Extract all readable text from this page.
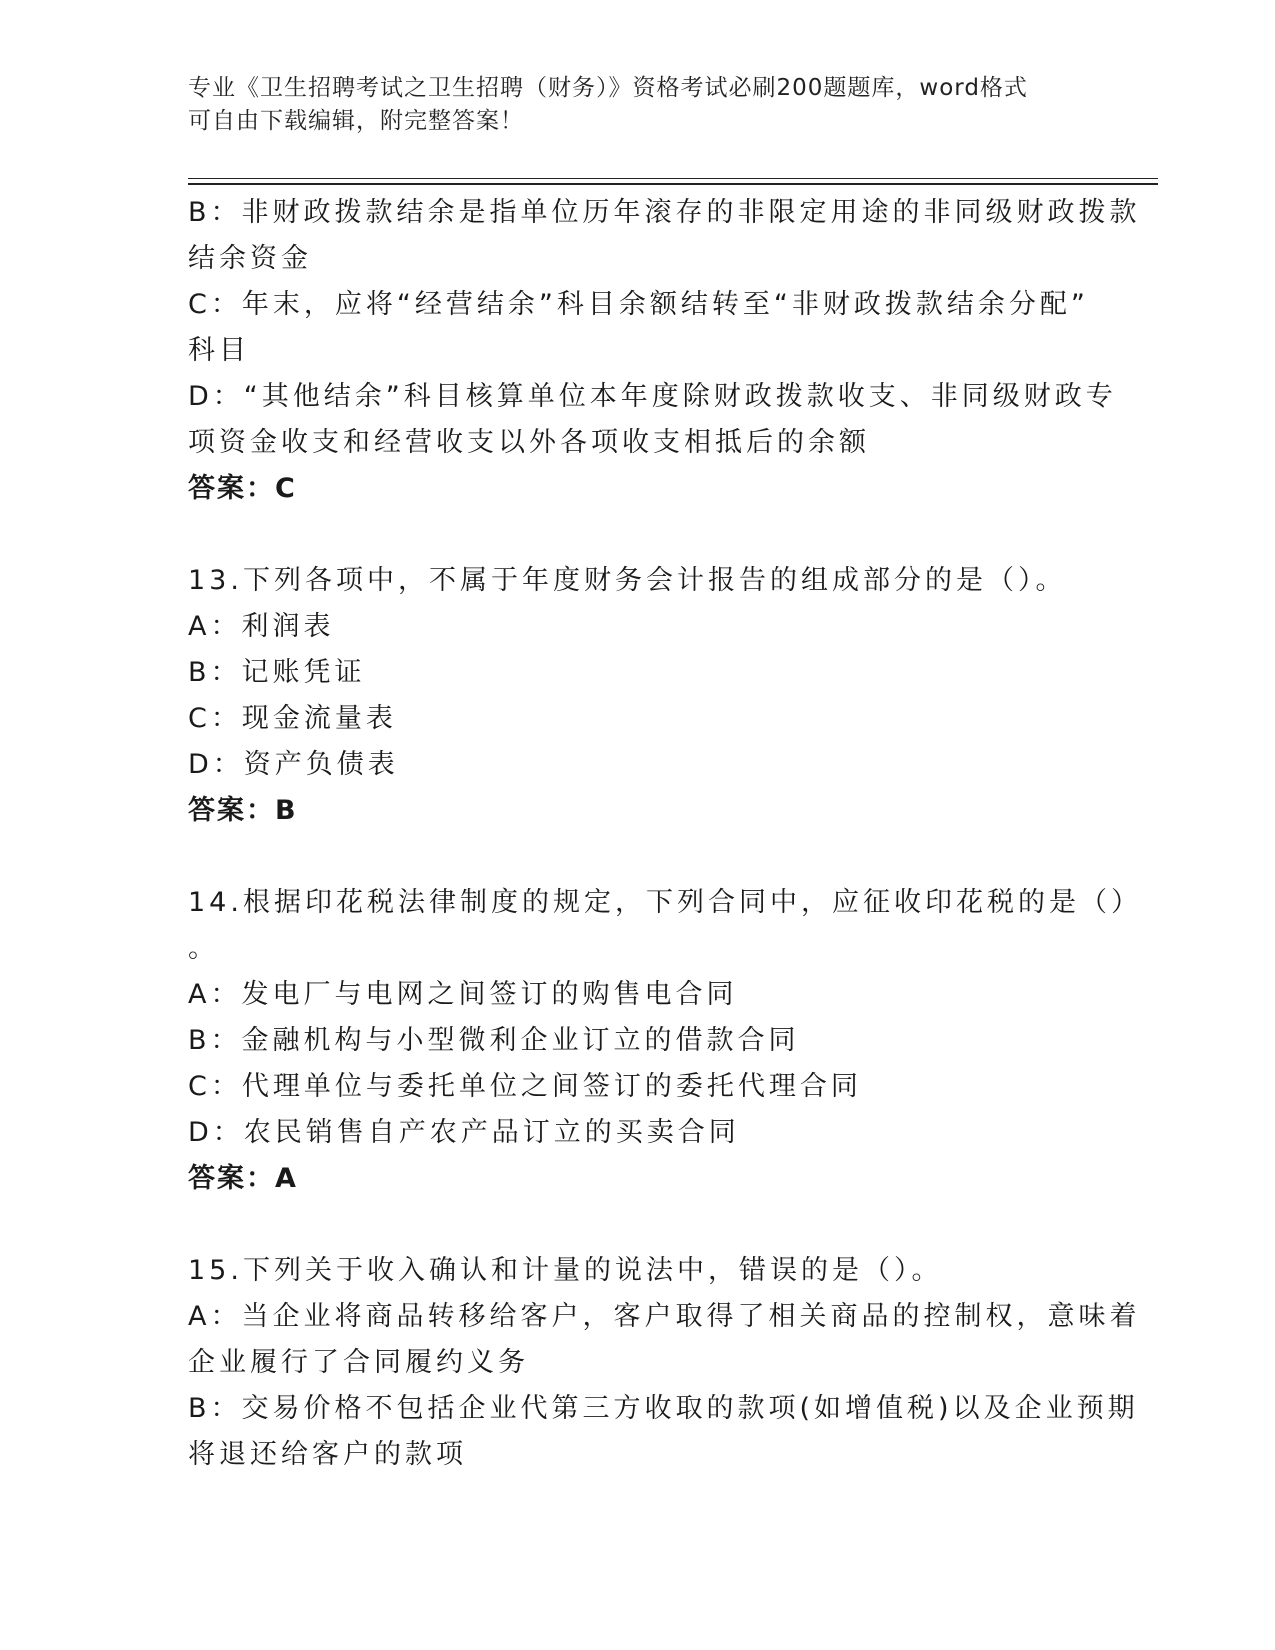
专业《卫生招聘考试之卫生招聘（财务）》资格考试必刷200题题库，word格式
可自由下载编辑，附完整答案！
B：非财政拨款结余是指单位历年滚存的非限定用途的非同级财政拨款
结余资金
C：年末，应将“经营结余”科目余额结转至“非财政拨款结余分配”
科目
D：“其他结余”科目核算单位本年度除财政拨款收支、非同级财政专
项资金收支和经营收支以外各项收支相抵后的余额
答案：C
13.下列各项中，不属于年度财务会计报告的组成部分的是（）。
A：利润表
B：记账凭证
C：现金流量表
D：资产负债表
答案：B
14.根据印花税法律制度的规定，下列合同中，应征收印花税的是（）
。
A：发电厂与电网之间签订的购售电合同
B：金融机构与小型微利企业订立的借款合同
C：代理单位与委托单位之间签订的委托代理合同
D：农民销售自产农产品订立的买卖合同
答案：A
15.下列关于收入确认和计量的说法中，错误的是（）。
A：当企业将商品转移给客户，客户取得了相关商品的控制权，意味着
企业履行了合同履约义务
B：交易价格不包括企业代第三方收取的款项(如增值税)以及企业预期
将退还给客户的款项
